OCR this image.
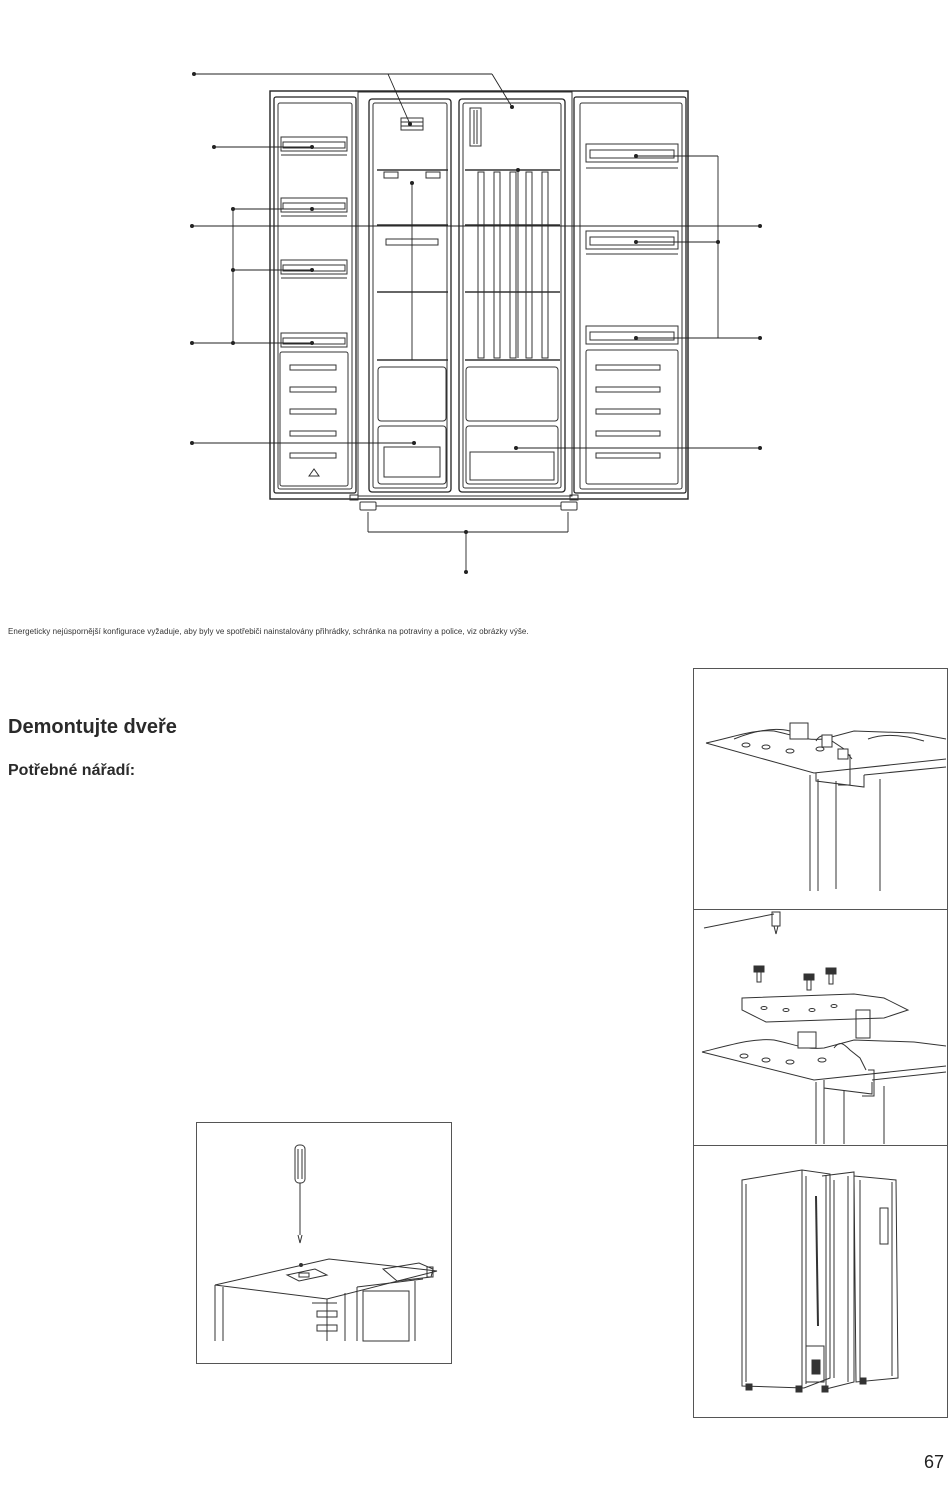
Energeticky nejúspornější konfigurace vyžaduje, aby byly ve spotřebiči nainstalovány přihrádky, schránka na potraviny a police, viz obrázky výše.
Demontujte dveře
Potřebné nářadí:
67
